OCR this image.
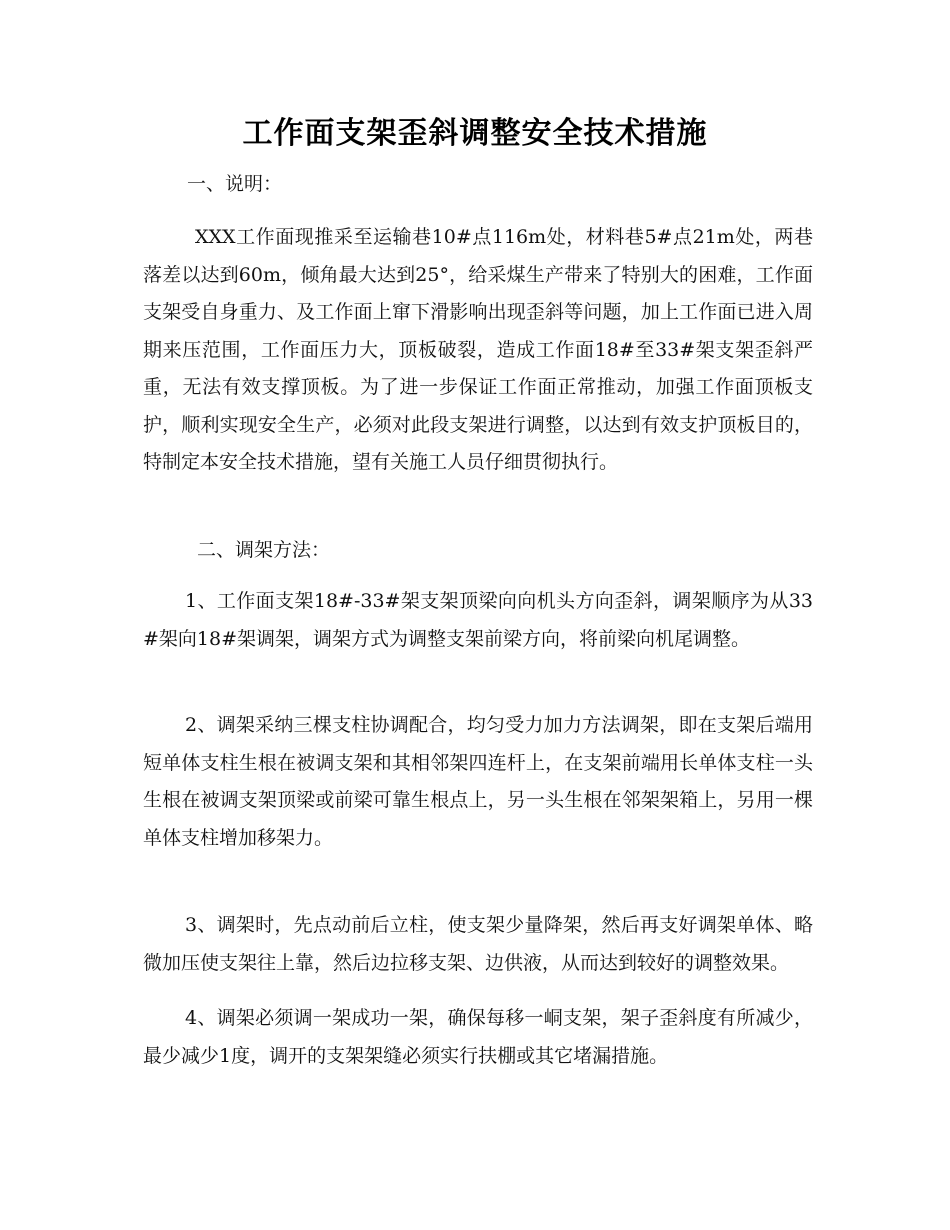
工作面支架歪斜调整安全技术措施

一、说明：

XXX工作面现推采至运输巷10#点116m处，材料巷5#点21m处，两巷落差以达到60m，倾角最大达到25°，给采煤生产带来了特别大的困难，工作面支架受自身重力、及工作面上窜下滑影响出现歪斜等问题，加上工作面已进入周期来压范围，工作面压力大，顶板破裂，造成工作面18#至33#架支架歪斜严重，无法有效支撑顶板。为了进一步保证工作面正常推动，加强工作面顶板支护，顺利实现安全生产，必须对此段支架进行调整，以达到有效支护顶板目的，特制定本安全技术措施，望有关施工人员仔细贯彻执行。

二、调架方法：

1、工作面支架18#-33#架支架顶梁向向机头方向歪斜，调架顺序为从33#架向18#架调架，调架方式为调整支架前梁方向，将前梁向机尾调整。

2、调架采纳三棵支柱协调配合，均匀受力加力方法调架，即在支架后端用短单体支柱生根在被调支架和其相邻架四连杆上，在支架前端用长单体支柱一头生根在被调支架顶梁或前梁可靠生根点上，另一头生根在邻架架箱上，另用一棵单体支柱增加移架力。

3、调架时，先点动前后立柱，使支架少量降架，然后再支好调架单体、略微加压使支架往上靠，然后边拉移支架、边供液，从而达到较好的调整效果。

4、调架必须调一架成功一架，确保每移一峒支架，架子歪斜度有所减少，最少减少1度，调开的支架架缝必须实行扶棚或其它堵漏措施。
